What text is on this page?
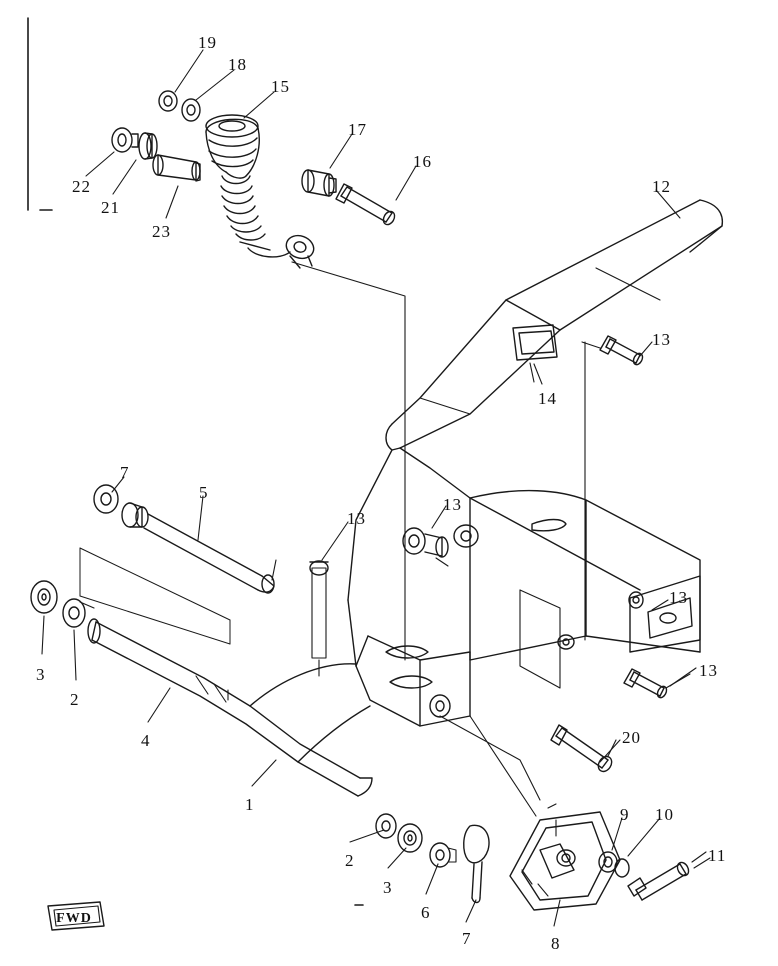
FWD
19
18
15
17
16
22
21
23
12
13
14
7
5
13
13
13
3
2
4
13
20
1
2
3
6
7	8
9 10
11
